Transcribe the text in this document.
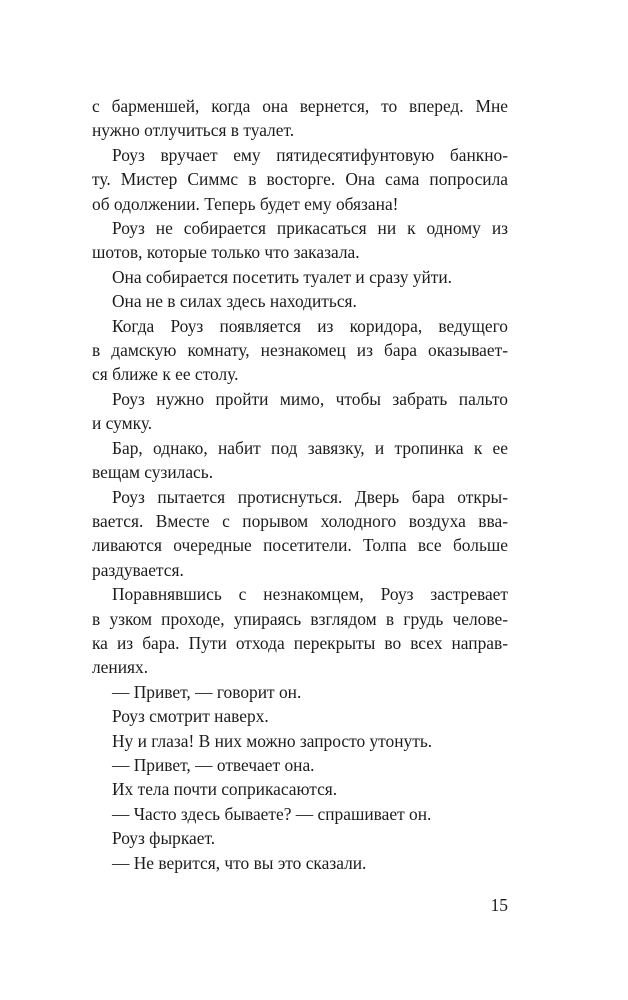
с барменшей, когда она вернется, то вперед. Мне
нужно отлучиться в туалет.
Роуз вручает ему пятидесятифунтовую банкно-
ту. Мистер Симмс в восторге. Она сама попросила
об одолжении. Теперь будет ему обязана!
Роуз не собирается прикасаться ни к одному из
шотов, которые только что заказала.
Она собирается посетить туалет и сразу уйти.
Она не в силах здесь находиться.
Когда Роуз появляется из коридора, ведущего
в дамскую комнату, незнакомец из бара оказывает-
ся ближе к ее столу.
Роуз нужно пройти мимо, чтобы забрать пальто
и сумку.
Бар, однако, набит под завязку, и тропинка к ее
вещам сузилась.
Роуз пытается протиснуться. Дверь бара откры-
вается. Вместе с порывом холодного воздуха вва-
ливаются очередные посетители. Толпа все больше
раздувается.
Поравнявшись с незнакомцем, Роуз застревает
в узком проходе, упираясь взглядом в грудь челове-
ка из бара. Пути отхода перекрыты во всех направ-
лениях.
— Привет, — говорит он.
Роуз смотрит наверх.
Ну и глаза! В них можно запросто утонуть.
— Привет, — отвечает она.
Их тела почти соприкасаются.
— Часто здесь бываете? — спрашивает он.
Роуз фыркает.
— Не верится, что вы это сказали.
15
